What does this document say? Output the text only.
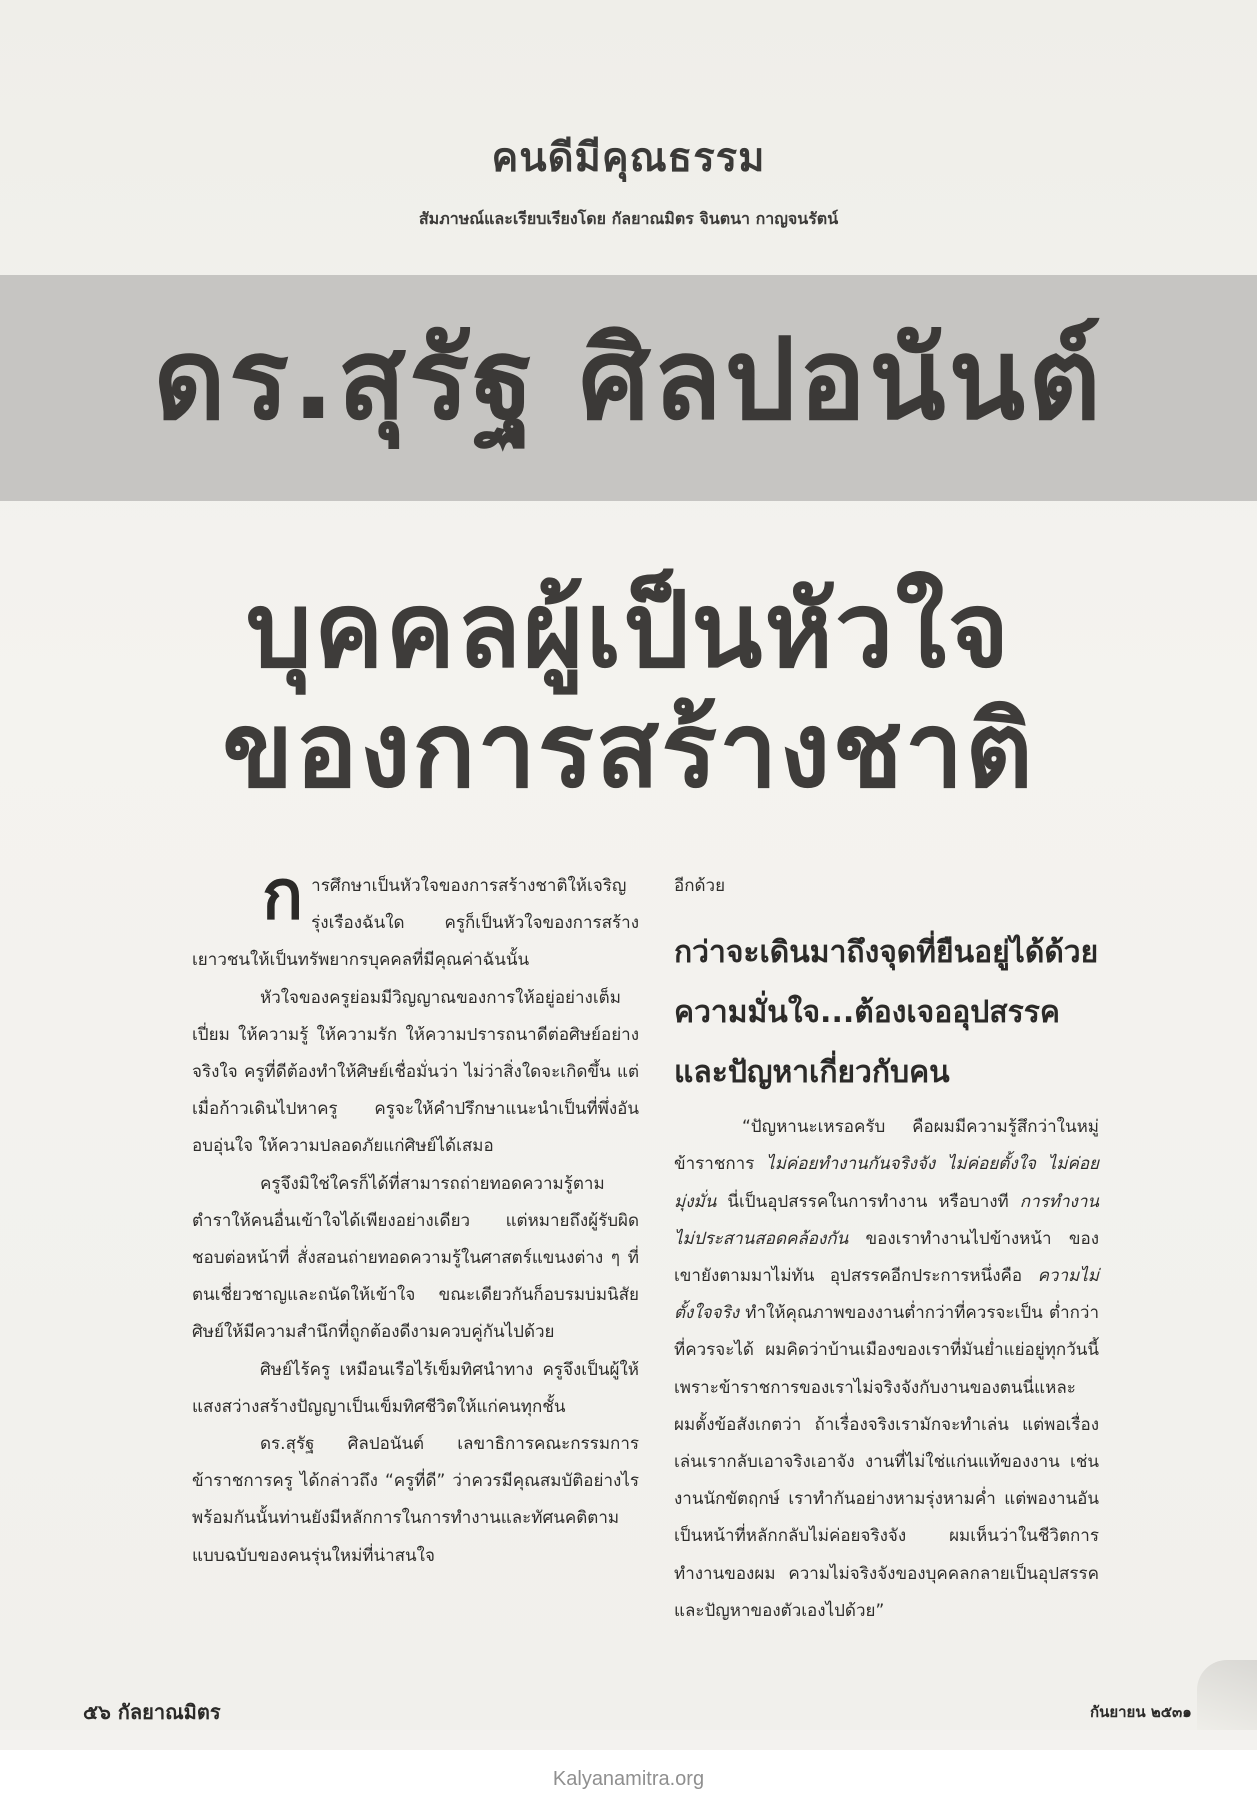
คนดีมีคุณธรรม
สัมภาษณ์และเรียบเรียงโดย กัลยาณมิตร จินตนา กาญจนรัตน์
ดร.สุรัฐ ศิลปอนันต์
บุคคลผู้เป็นหัวใจ
ของการสร้างชาติ

การศึกษาเป็นหัวใจของการสร้างชาติให้เจริญรุ่งเรืองฉันใด ครูก็เป็นหัวใจของการสร้างเยาวชนให้เป็นทรัพยากรบุคคลที่มีคุณค่าฉันนั้น

หัวใจของครูย่อมมีวิญญาณของการให้อยู่อย่างเต็มเปี่ยม ให้ความรู้ ให้ความรัก ให้ความปรารถนาดีต่อศิษย์อย่างจริงใจ ครูที่ดีต้องทำให้ศิษย์เชื่อมั่นว่า ไม่ว่าสิ่งใดจะเกิดขึ้น แต่เมื่อก้าวเดินไปหาครู ครูจะให้คำปรึกษาแนะนำเป็นที่พึ่งอันอบอุ่นใจ ให้ความปลอดภัยแก่ศิษย์ได้เสมอ

ครูจึงมิใช่ใครก็ได้ที่สามารถถ่ายทอดความรู้ตามตำราให้คนอื่นเข้าใจได้เพียงอย่างเดียว แต่หมายถึงผู้รับผิดชอบต่อหน้าที่ สั่งสอนถ่ายทอดความรู้ในศาสตร์แขนงต่าง ๆ ที่ตนเชี่ยวชาญและถนัดให้เข้าใจ ขณะเดียวกันก็อบรมบ่มนิสัยศิษย์ให้มีความสำนึกที่ถูกต้องดีงามควบคู่กันไปด้วย

ศิษย์ไร้ครู เหมือนเรือไร้เข็มทิศนำทาง ครูจึงเป็นผู้ให้แสงสว่างสร้างปัญญาเป็นเข็มทิศชีวิตให้แก่คนทุกชั้น

ดร.สุรัฐ ศิลปอนันต์ เลขาธิการคณะกรรมการข้าราชการครู ได้กล่าวถึง “ครูที่ดี” ว่าควรมีคุณสมบัติอย่างไร พร้อมกันนั้นท่านยังมีหลักการในการทำงานและทัศนคติตามแบบฉบับของคนรุ่นใหม่ที่น่าสนใจ

อีกด้วย

กว่าจะเดินมาถึงจุดที่ยืนอยู่ได้ด้วยความมั่นใจ...ต้องเจออุปสรรคและปัญหาเกี่ยวกับคน

“ปัญหานะเหรอครับ คือผมมีความรู้สึกว่าในหมู่ข้าราชการ ไม่ค่อยทำงานกันจริงจัง ไม่ค่อยตั้งใจ ไม่ค่อยมุ่งมั่น นี่เป็นอุปสรรคในการทำงาน หรือบางที การทำงานไม่ประสานสอดคล้องกัน ของเราทำงานไปข้างหน้า ของเขายังตามมาไม่ทัน อุปสรรคอีกประการหนึ่งคือ ความไม่ตั้งใจจริง ทำให้คุณภาพของงานต่ำกว่าที่ควรจะเป็น ต่ำกว่าที่ควรจะได้ ผมคิดว่าบ้านเมืองของเราที่มันย่ำแย่อยู่ทุกวันนี้ เพราะข้าราชการของเราไม่จริงจังกับงานของตนนี่แหละ ผมตั้งข้อสังเกตว่า ถ้าเรื่องจริงเรามักจะทำเล่น แต่พอเรื่องเล่นเรากลับเอาจริงเอาจัง งานที่ไม่ใช่แก่นแท้ของงาน เช่นงานนักขัตฤกษ์ เราทำกันอย่างหามรุ่งหามค่ำ แต่พองานอันเป็นหน้าที่หลักกลับไม่ค่อยจริงจัง ผมเห็นว่าในชีวิตการทำงานของผม ความไม่จริงจังของบุคคลกลายเป็นอุปสรรคและปัญหาของตัวเองไปด้วย”

๕๖ กัลยาณมิตร	กันยายน ๒๕๓๑
Kalyanamitra.org
